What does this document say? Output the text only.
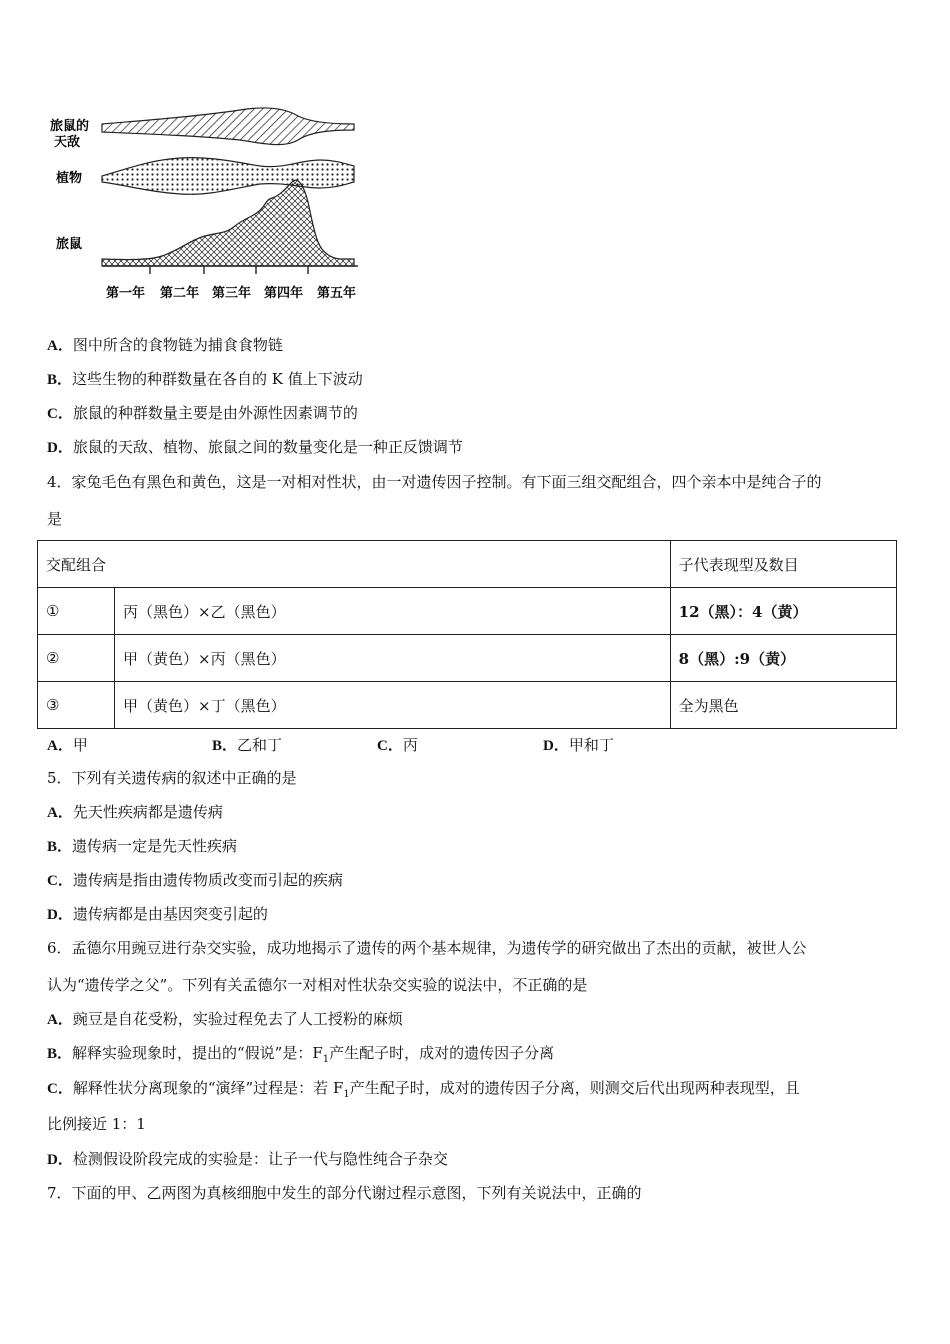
旅鼠的
天敌
植物
旅鼠
第一年 第二年 第三年 第四年 第五年
A．图中所含的食物链为捕食食物链
B．这些生物的种群数量在各自的 K 值上下波动
C．旅鼠的种群数量主要是由外源性因素调节的
D．旅鼠的天敌、植物、旅鼠之间的数量变化是一种正反馈调节
4．家兔毛色有黑色和黄色，这是一对相对性状，由一对遗传因子控制。有下面三组交配组合，四个亲本中是纯合子的
是
交配组合		子代表现型及数目
①	丙（黑色）×乙（黑色）	12（黑）：4（黄）
②	甲（黄色）×丙（黑色）	8（黑）:9（黄）
③	甲（黄色）×丁（黑色）	全为黑色
A．甲	B．乙和丁	C．丙	D．甲和丁
5．下列有关遗传病的叙述中正确的是
A．先天性疾病都是遗传病
B．遗传病一定是先天性疾病
C．遗传病是指由遗传物质改变而引起的疾病
D．遗传病都是由基因突变引起的
6．孟德尔用豌豆进行杂交实验，成功地揭示了遗传的两个基本规律，为遗传学的研究做出了杰出的贡献，被世人公
认为“遗传学之父”。下列有关孟德尔一对相对性状杂交实验的说法中，不正确的是
A．豌豆是自花受粉，实验过程免去了人工授粉的麻烦
B．解释实验现象时，提出的“假说”是：$F_1$产生配子时，成对的遗传因子分离
C．解释性状分离现象的“演绎”过程是：若 $F_1$产生配子时，成对的遗传因子分离，则测交后代出现两种表现型，且
比例接近 1：1
D．检测假设阶段完成的实验是：让子一代与隐性纯合子杂交
7．下面的甲、乙两图为真核细胞中发生的部分代谢过程示意图，下列有关说法中，正确的
